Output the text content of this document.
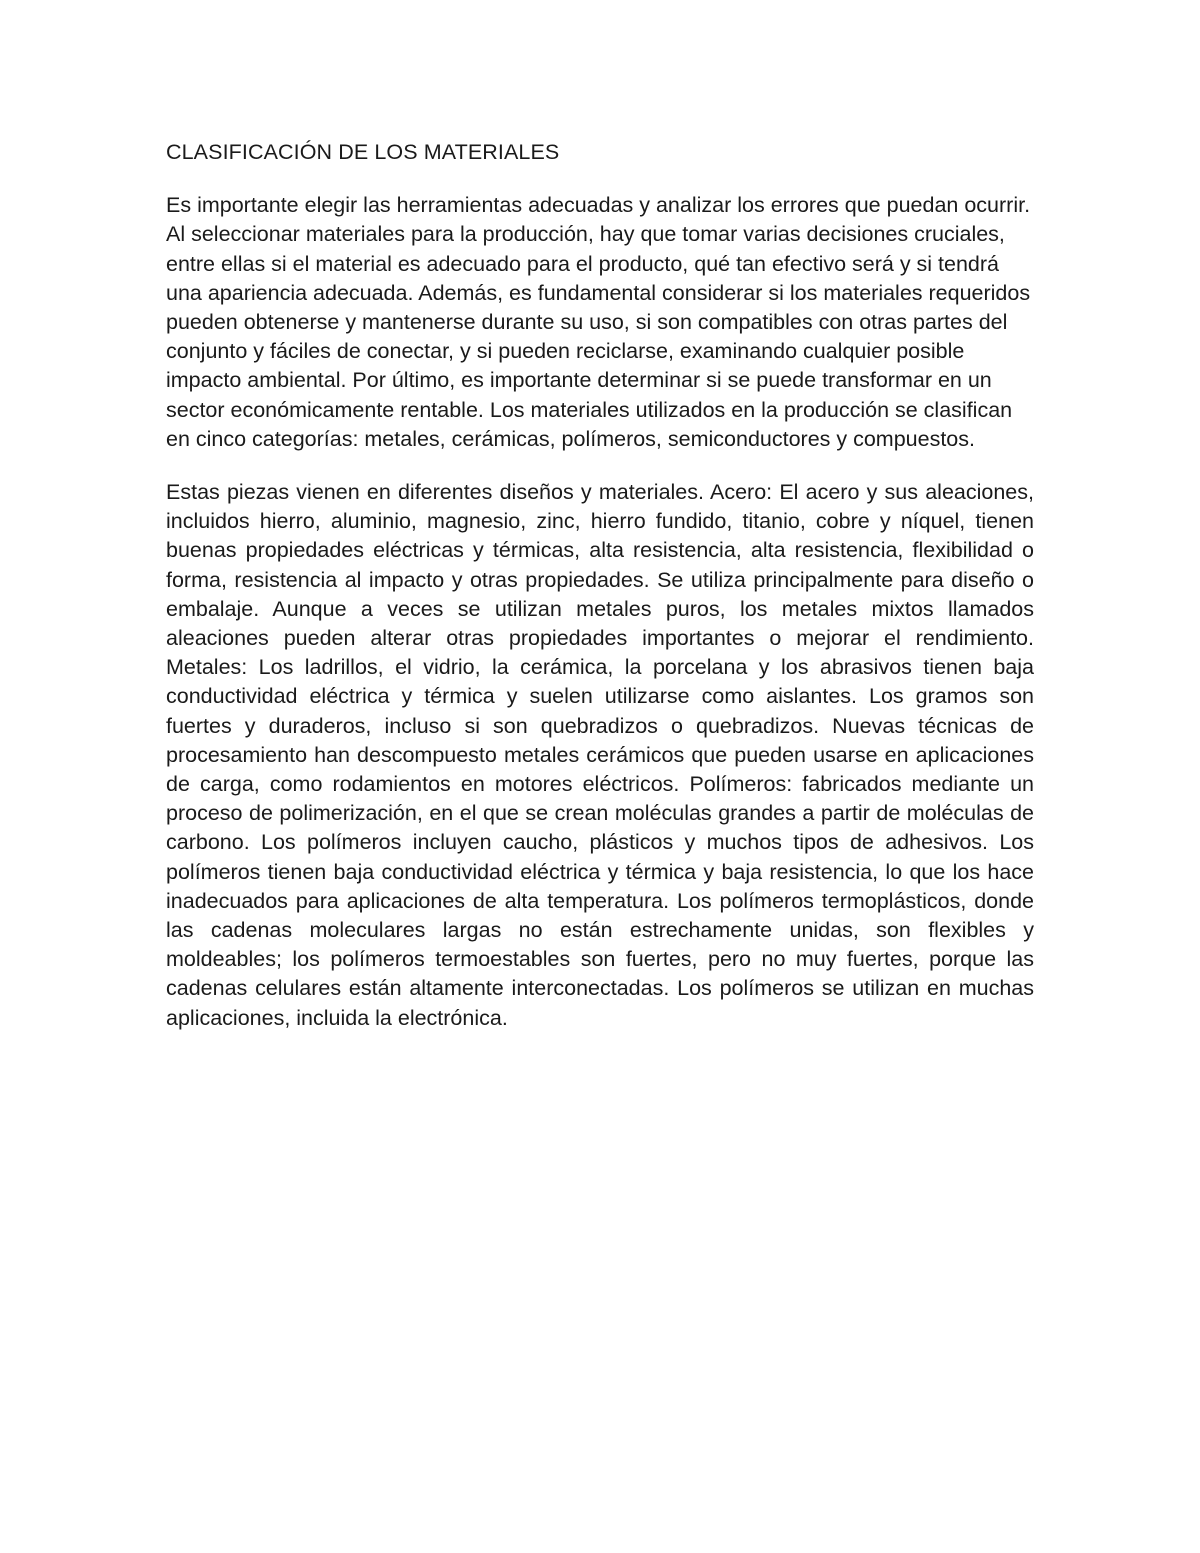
CLASIFICACIÓN DE LOS MATERIALES

Es importante elegir las herramientas adecuadas y analizar los errores que puedan ocurrir. Al seleccionar materiales para la producción, hay que tomar varias decisiones cruciales, entre ellas si el material es adecuado para el producto, qué tan efectivo será y si tendrá una apariencia adecuada. Además, es fundamental considerar si los materiales requeridos pueden obtenerse y mantenerse durante su uso, si son compatibles con otras partes del conjunto y fáciles de conectar, y si pueden reciclarse, examinando cualquier posible impacto ambiental. Por último, es importante determinar si se puede transformar en un sector económicamente rentable. Los materiales utilizados en la producción se clasifican en cinco categorías: metales, cerámicas, polímeros, semiconductores y compuestos.

Estas piezas vienen en diferentes diseños y materiales. Acero: El acero y sus aleaciones, incluidos hierro, aluminio, magnesio, zinc, hierro fundido, titanio, cobre y níquel, tienen buenas propiedades eléctricas y térmicas, alta resistencia, alta resistencia, flexibilidad o forma, resistencia al impacto y otras propiedades. Se utiliza principalmente para diseño o embalaje. Aunque a veces se utilizan metales puros, los metales mixtos llamados aleaciones pueden alterar otras propiedades importantes o mejorar el rendimiento. Metales: Los ladrillos, el vidrio, la cerámica, la porcelana y los abrasivos tienen baja conductividad eléctrica y térmica y suelen utilizarse como aislantes. Los gramos son fuertes y duraderos, incluso si son quebradizos o quebradizos. Nuevas técnicas de procesamiento han descompuesto metales cerámicos que pueden usarse en aplicaciones de carga, como rodamientos en motores eléctricos. Polímeros: fabricados mediante un proceso de polimerización, en el que se crean moléculas grandes a partir de moléculas de carbono. Los polímeros incluyen caucho, plásticos y muchos tipos de adhesivos. Los polímeros tienen baja conductividad eléctrica y térmica y baja resistencia, lo que los hace inadecuados para aplicaciones de alta temperatura. Los polímeros termoplásticos, donde las cadenas moleculares largas no están estrechamente unidas, son flexibles y moldeables; los polímeros termoestables son fuertes, pero no muy fuertes, porque las cadenas celulares están altamente interconectadas. Los polímeros se utilizan en muchas aplicaciones, incluida la electrónica.
